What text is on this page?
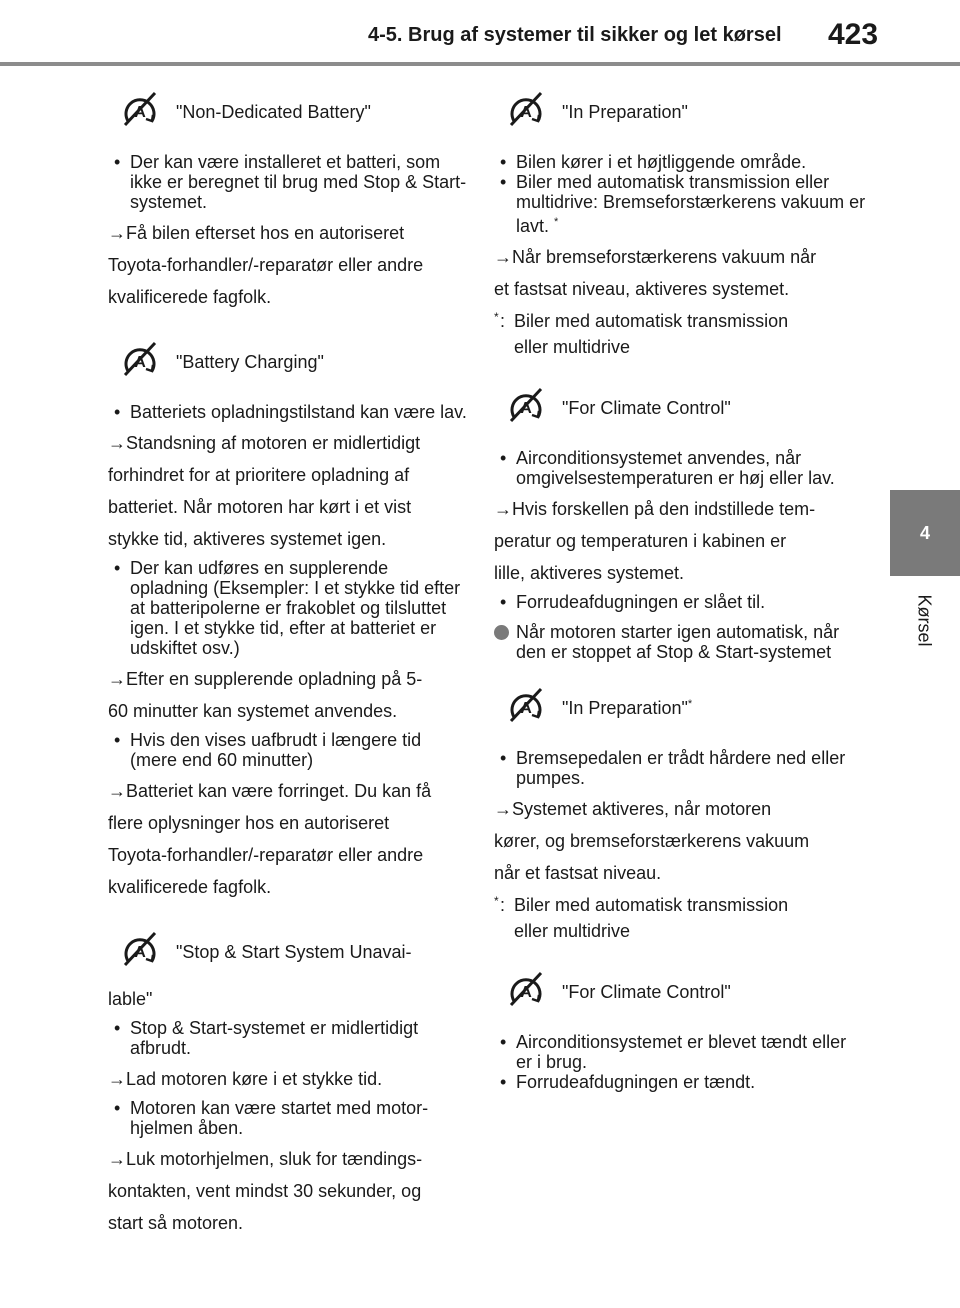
4-5. Brug af systemer til sikker og let kørsel 423
4
Kørsel
"Non-Dedicated Battery"
• Der kan være installeret et batteri, som ikke er beregnet til brug med Stop & Start-systemet.
→Få bilen efterset hos en autoriseret
Toyota-forhandler/-reparatør eller andre
kvalificerede fagfolk.
"Battery Charging"
• Batteriets opladningstilstand kan være lav.
→Standsning af motoren er midlertidigt
forhindret for at prioritere opladning af
batteriet. Når motoren har kørt i et vist
stykke tid, aktiveres systemet igen.
• Der kan udføres en supplerende opladning (Eksempler: I et stykke tid efter at batteripolerne er frakoblet og tilsluttet igen. I et stykke tid, efter at batteriet er udskiftet osv.)
→Efter en supplerende opladning på 5-
60 minutter kan systemet anvendes.
• Hvis den vises uafbrudt i længere tid (mere end 60 minutter)
→Batteriet kan være forringet. Du kan få
flere oplysninger hos en autoriseret
Toyota-forhandler/-reparatør eller andre
kvalificerede fagfolk.
"Stop & Start System Unavai-
lable"
• Stop & Start-systemet er midlertidigt afbrudt.
→Lad motoren køre i et stykke tid.
• Motoren kan være startet med motor-hjelmen åben.
→Luk motorhjelmen, sluk for tændings-
kontakten, vent mindst 30 sekunder, og
start så motoren.
"In Preparation"
• Bilen kører i et højtliggende område.
• Biler med automatisk transmission eller multidrive: Bremseforstærkerens vakuum er lavt. *
→Når bremseforstærkerens vakuum når
et fastsat niveau, aktiveres systemet.
* : Biler med automatisk transmission
eller multidrive
"For Climate Control"
• Airconditionsystemet anvendes, når omgivelsestemperaturen er høj eller lav.
→Hvis forskellen på den indstillede tem-
peratur og temperaturen i kabinen er
lille, aktiveres systemet.
• Forrudeafdugningen er slået til.
Når motoren starter igen automatisk, når den er stoppet af Stop & Start-systemet
"In Preparation"*
• Bremsepedalen er trådt hårdere ned eller pumpes.
→Systemet aktiveres, når motoren
kører, og bremseforstærkerens vakuum
når et fastsat niveau.
* : Biler med automatisk transmission
eller multidrive
"For Climate Control"
• Airconditionsystemet er blevet tændt eller er i brug.
• Forrudeafdugningen er tændt.
